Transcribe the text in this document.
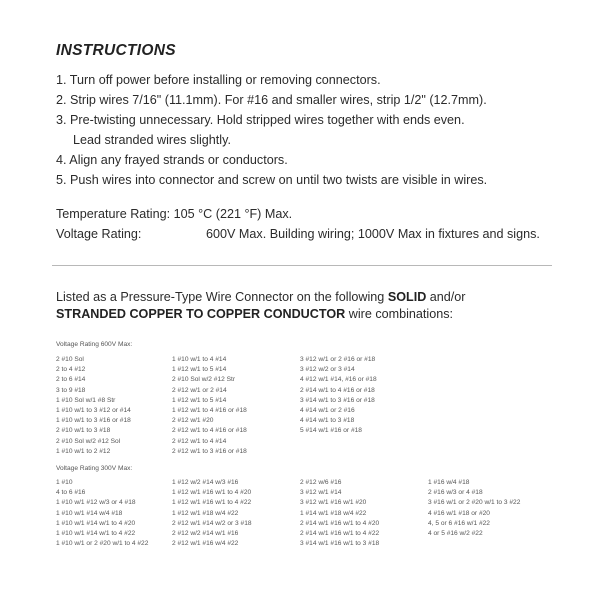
INSTRUCTIONS
1. Turn off power before installing or removing connectors.
2. Strip wires 7/16" (11.1mm). For #16 and smaller wires, strip 1/2" (12.7mm).
3. Pre-twisting unnecessary. Hold stripped wires together with ends even.
Lead stranded wires slightly.
4. Align any frayed strands or conductors.
5. Push wires into connector and screw on until two twists are visible in wires.
Temperature Rating: 105 °C (221 °F) Max.
Voltage Rating:	600V Max. Building wiring; 1000V Max in fixtures and signs.
Listed as a Pressure-Type Wire Connector on the following SOLID and/or
STRANDED COPPER TO COPPER CONDUCTOR wire combinations:
Voltage Rating 600V Max:
2 #10 Sol
2 to 4 #12
2 to 6 #14
3 to 9 #18
1 #10 Sol w/1 #8 Str
1 #10 w/1 to 3 #12 or #14
1 #10 w/1 to 3 #16 or #18
2 #10 w/1 to 3 #18
2 #10 Sol w/2 #12 Sol
1 #10 w/1 to 2 #12
1 #10 w/1 to 4 #14
1 #12 w/1 to 5 #14
2 #10 Sol w/2 #12 Str
2 #12 w/1 or 2 #14
1 #12 w/1 to 5 #14
1 #12 w/1 to 4 #16 or #18
2 #12 w/1 #20
2 #12 w/1 to 4 #16 or #18
2 #12 w/1 to 4 #14
2 #12 w/1 to 3 #16 or #18
3 #12 w/1 or 2 #16 or #18
3 #12 w/2 or 3 #14
4 #12 w/1 #14, #16 or #18
2 #14 w/1 to 4 #16 or #18
3 #14 w/1 to 3 #16 or #18
4 #14 w/1 or 2 #16
4 #14 w/1 to 3 #18
5 #14 w/1 #16 or #18
Voltage Rating 300V Max:
1 #10
4 to 6 #16
1 #10 w/1 #12 w/3 or 4 #18
1 #10 w/1 #14 w/4 #18
1 #10 w/1 #14 w/1 to 4 #20
1 #10 w/1 #14 w/1 to 4 #22
1 #10 w/1 or 2 #20 w/1 to 4 #22
1 #12 w/2 #14 w/3 #16
1 #12 w/1 #16 w/1 to 4 #20
1 #12 w/1 #16 w/1 to 4 #22
1 #12 w/1 #18 w/4 #22
2 #12 w/1 #14 w/2 or 3 #18
2 #12 w/2 #14 w/1 #16
2 #12 w/1 #16 w/4 #22
2 #12 w/6 #16
3 #12 w/1 #14
3 #12 w/1 #16 w/1 #20
1 #14 w/1 #18 w/4 #22
2 #14 w/1 #16 w/1 to 4 #20
2 #14 w/1 #16 w/1 to 4 #22
3 #14 w/1 #16 w/1 to 3 #18
1 #16 w/4 #18
2 #16 w/3 or 4 #18
3 #16 w/1 or 2 #20 w/1 to 3 #22
4 #16 w/1 #18 or #20
4, 5 or 6 #16 w/1 #22
4 or 5 #16 w/2 #22
